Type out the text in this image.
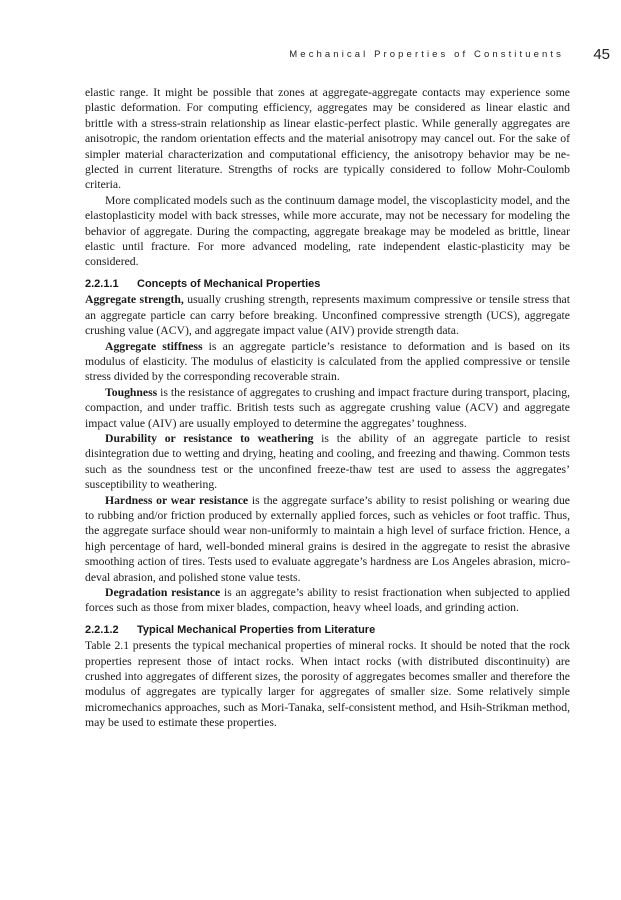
Mechanical Properties of Constituents 45

elastic range. It might be possible that zones at aggregate-aggregate contacts may experience some plastic deformation. For computing efficiency, aggregates may be considered as linear elastic and brittle with a stress-strain relationship as linear elastic-perfect plastic. While generally aggregates are anisotropic, the random orientation effects and the material anisotropy may cancel out. For the sake of simpler material characterization and computational efficiency, the anisotropy behavior may be neglected in current literature. Strengths of rocks are typically considered to follow Mohr-Coulomb criteria.

More complicated models such as the continuum damage model, the viscoplasticity model, and the elastoplasticity model with back stresses, while more accurate, may not be necessary for modeling the behavior of aggregate. During the compacting, aggregate breakage may be modeled as brittle, linear elastic until fracture. For more advanced modeling, rate independent elastic-plasticity may be considered.

2.2.1.1 Concepts of Mechanical Properties

Aggregate strength, usually crushing strength, represents maximum compressive or tensile stress that an aggregate particle can carry before breaking. Unconfined compressive strength (UCS), aggregate crushing value (ACV), and aggregate impact value (AIV) provide strength data.

Aggregate stiffness is an aggregate particle’s resistance to deformation and is based on its modulus of elasticity. The modulus of elasticity is calculated from the applied compressive or tensile stress divided by the corresponding recoverable strain.

Toughness is the resistance of aggregates to crushing and impact fracture during transport, placing, compaction, and under traffic. British tests such as aggregate crushing value (ACV) and aggregate impact value (AIV) are usually employed to determine the aggregates’ toughness.

Durability or resistance to weathering is the ability of an aggregate particle to resist disintegration due to wetting and drying, heating and cooling, and freezing and thawing. Common tests such as the soundness test or the unconfined freeze-thaw test are used to assess the aggregates’ susceptibility to weathering.

Hardness or wear resistance is the aggregate surface’s ability to resist polishing or wearing due to rubbing and/or friction produced by externally applied forces, such as vehicles or foot traffic. Thus, the aggregate surface should wear non-uniformly to maintain a high level of surface friction. Hence, a high percentage of hard, well-bonded mineral grains is desired in the aggregate to resist the abrasive smoothing action of tires. Tests used to evaluate aggregate’s hardness are Los Angeles abrasion, micro-deval abrasion, and polished stone value tests.

Degradation resistance is an aggregate’s ability to resist fractionation when subjected to applied forces such as those from mixer blades, compaction, heavy wheel loads, and grinding action.

2.2.1.2 Typical Mechanical Properties from Literature

Table 2.1 presents the typical mechanical properties of mineral rocks. It should be noted that the rock properties represent those of intact rocks. When intact rocks (with distributed discontinuity) are crushed into aggregates of different sizes, the porosity of aggregates becomes smaller and therefore the modulus of aggregates are typically larger for aggregates of smaller size. Some relatively simple micromechanics approaches, such as Mori-Tanaka, self-consistent method, and Hsih-Strikman method, may be used to estimate these properties.
